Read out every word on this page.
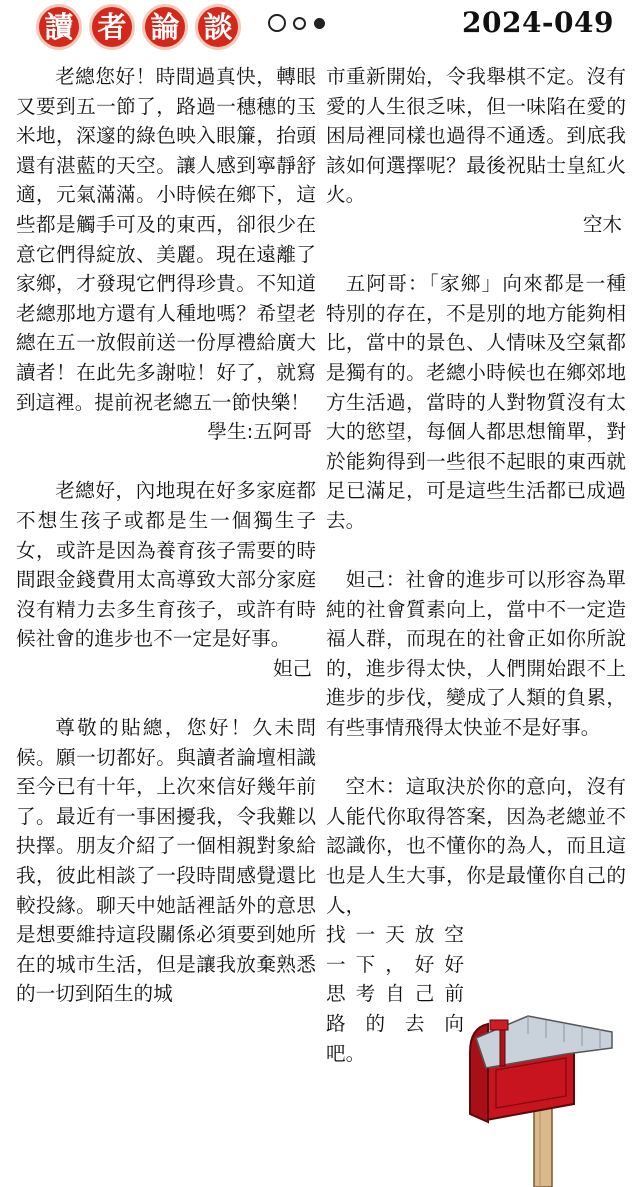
讀 者 論 談	2024-049

老總您好！時間過真快，轉眼又要到五一節了，路過一穗穗的玉米地，深邃的綠色映入眼簾，抬頭還有湛藍的天空。讓人感到寧靜舒適，元氣滿滿。小時候在鄉下，這些都是觸手可及的東西，卻很少在意它們得綻放、美麗。現在遠離了家鄉，才發現它們得珍貴。不知道老總那地方還有人種地嗎？希望老總在五一放假前送一份厚禮給廣大讀者！在此先多謝啦！好了，就寫到這裡。提前祝老總五一節快樂！

學生:五阿哥

老總好，內地現在好多家庭都不想生孩子或都是生一個獨生子女，或許是因為養育孩子需要的時間跟金錢費用太高導致大部分家庭沒有精力去多生育孩子，或許有時候社會的進步也不一定是好事。

妲己

尊敬的貼總，您好！久未問候。願一切都好。與讀者論壇相識至今已有十年，上次來信好幾年前了。最近有一事困擾我，令我難以抉擇。朋友介紹了一個相親對象給我，彼此相談了一段時間感覺還比較投緣。聊天中她話裡話外的意思是想要維持這段關係必須要到她所在的城市生活，但是讓我放棄熟悉的一切到陌生的城

市重新開始，令我舉棋不定。沒有愛的人生很乏味，但一味陷在愛的困局裡同樣也過得不通透。到底我該如何選擇呢？最後祝貼士皇紅火火。

空木

五阿哥：「家鄉」向來都是一種特別的存在，不是別的地方能夠相比，當中的景色、人情味及空氣都是獨有的。老總小時候也在鄉郊地方生活過，當時的人對物質沒有太大的慾望，每個人都思想簡單，對於能夠得到一些很不起眼的東西就足已滿足，可是這些生活都已成過去。

妲己：社會的進步可以形容為單純的社會質素向上，當中不一定造福人群，而現在的社會正如你所說的，進步得太快，人們開始跟不上進步的步伐，變成了人類的負累，有些事情飛得太快並不是好事。

空木：這取決於你的意向，沒有人能代你取得答案，因為老總並不認識你，也不懂你的為人，而且這也是人生大事，你是最懂你自己的人，

找一天放空
一下，好好
思考自己前
路的去向
吧。
